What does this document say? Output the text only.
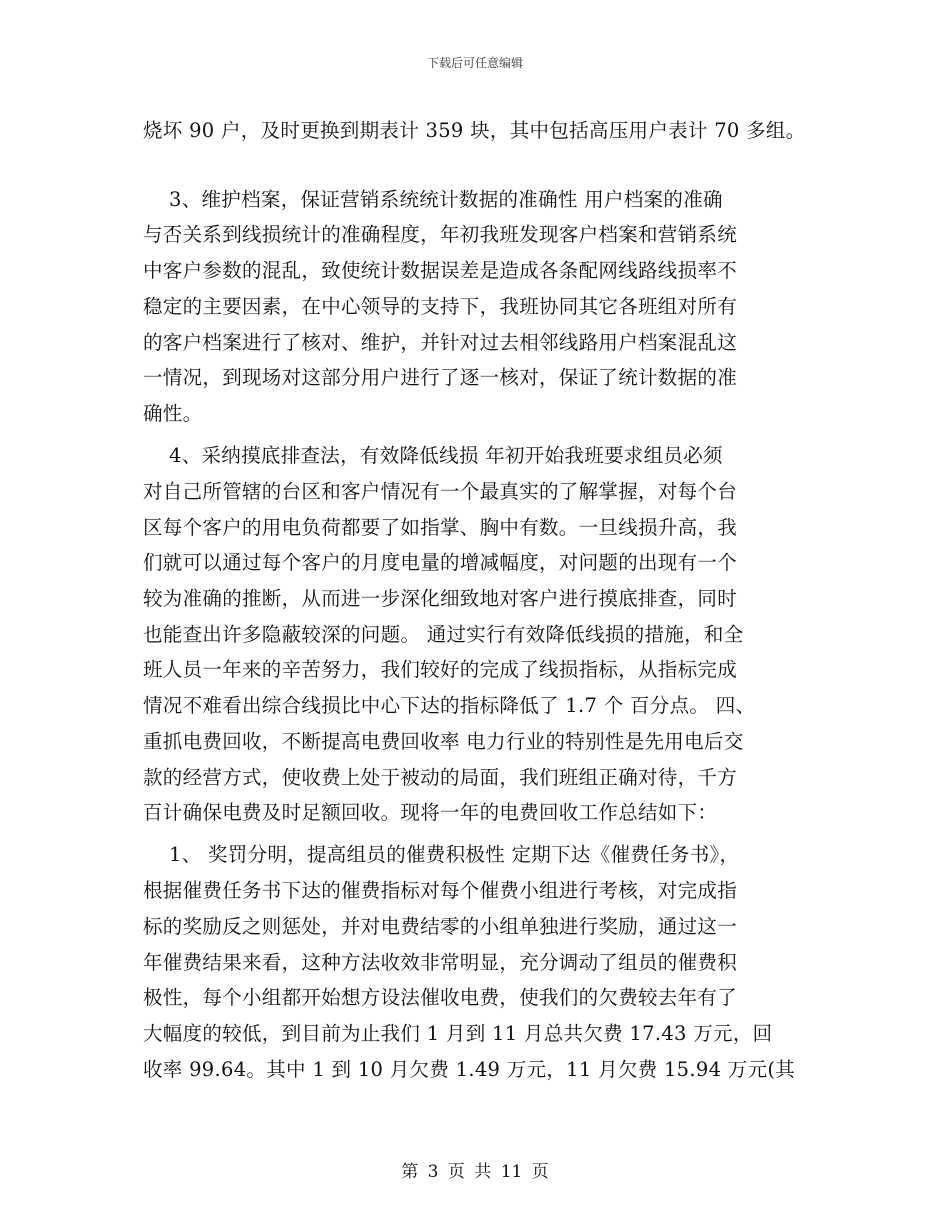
下载后可任意编辑
烧坏 90 户，及时更换到期表计 359 块，其中包括高压用户表计 70 多组。
3、维护档案，保证营销系统统计数据的准确性 用户档案的准确
与否关系到线损统计的准确程度，年初我班发现客户档案和营销系统
中客户参数的混乱，致使统计数据误差是造成各条配网线路线损率不
稳定的主要因素，在中心领导的支持下，我班协同其它各班组对所有
的客户档案进行了核对、维护，并针对过去相邻线路用户档案混乱这
一情况，到现场对这部分用户进行了逐一核对，保证了统计数据的准
确性。
4、采纳摸底排查法，有效降低线损 年初开始我班要求组员必须
对自己所管辖的台区和客户情况有一个最真实的了解掌握，对每个台
区每个客户的用电负荷都要了如指掌、胸中有数。一旦线损升高，我
们就可以通过每个客户的月度电量的增减幅度，对问题的出现有一个
较为准确的推断，从而进一步深化细致地对客户进行摸底排查，同时
也能查出许多隐蔽较深的问题。 通过实行有效降低线损的措施，和全
班人员一年来的辛苦努力，我们较好的完成了线损指标，从指标完成
情况不难看出综合线损比中心下达的指标降低了 1.7 个 百分点。 四、
重抓电费回收，不断提高电费回收率 电力行业的特别性是先用电后交
款的经营方式，使收费上处于被动的局面，我们班组正确对待，千方
百计确保电费及时足额回收。现将一年的电费回收工作总结如下：
1、 奖罚分明，提高组员的催费积极性 定期下达《催费任务书》，
根据催费任务书下达的催费指标对每个催费小组进行考核，对完成指
标的奖励反之则惩处，并对电费结零的小组单独进行奖励，通过这一
年催费结果来看，这种方法收效非常明显，充分调动了组员的催费积
极性，每个小组都开始想方设法催收电费，使我们的欠费较去年有了
大幅度的较低，到目前为止我们 1 月到 11 月总共欠费 17.43 万元，回
收率 99.64。其中 1 到 10 月欠费 1.49 万元，11 月欠费 15.94 万元(其
第 3 页 共 11 页
